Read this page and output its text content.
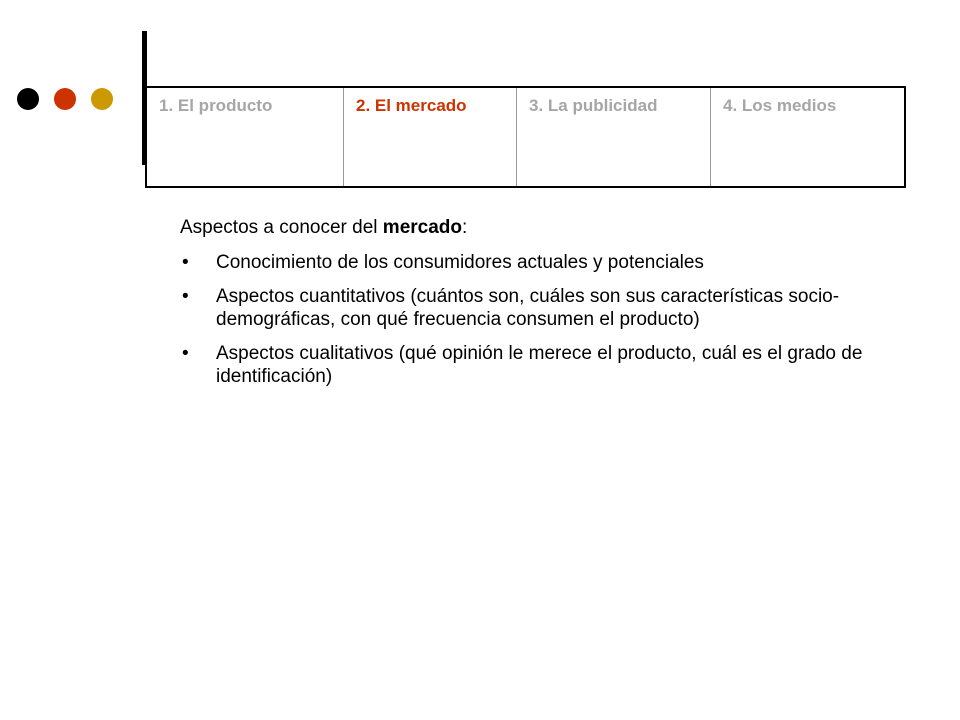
1. El producto	2. El mercado	3. La publicidad	4. Los medios

Aspectos a conocer del mercado:

• Conocimiento de los consumidores actuales y potenciales
• Aspectos cuantitativos (cuántos son, cuáles son sus características socio-demográficas, con qué frecuencia consumen el producto)
• Aspectos cualitativos (qué opinión le merece el producto, cuál es el grado de identificación)
